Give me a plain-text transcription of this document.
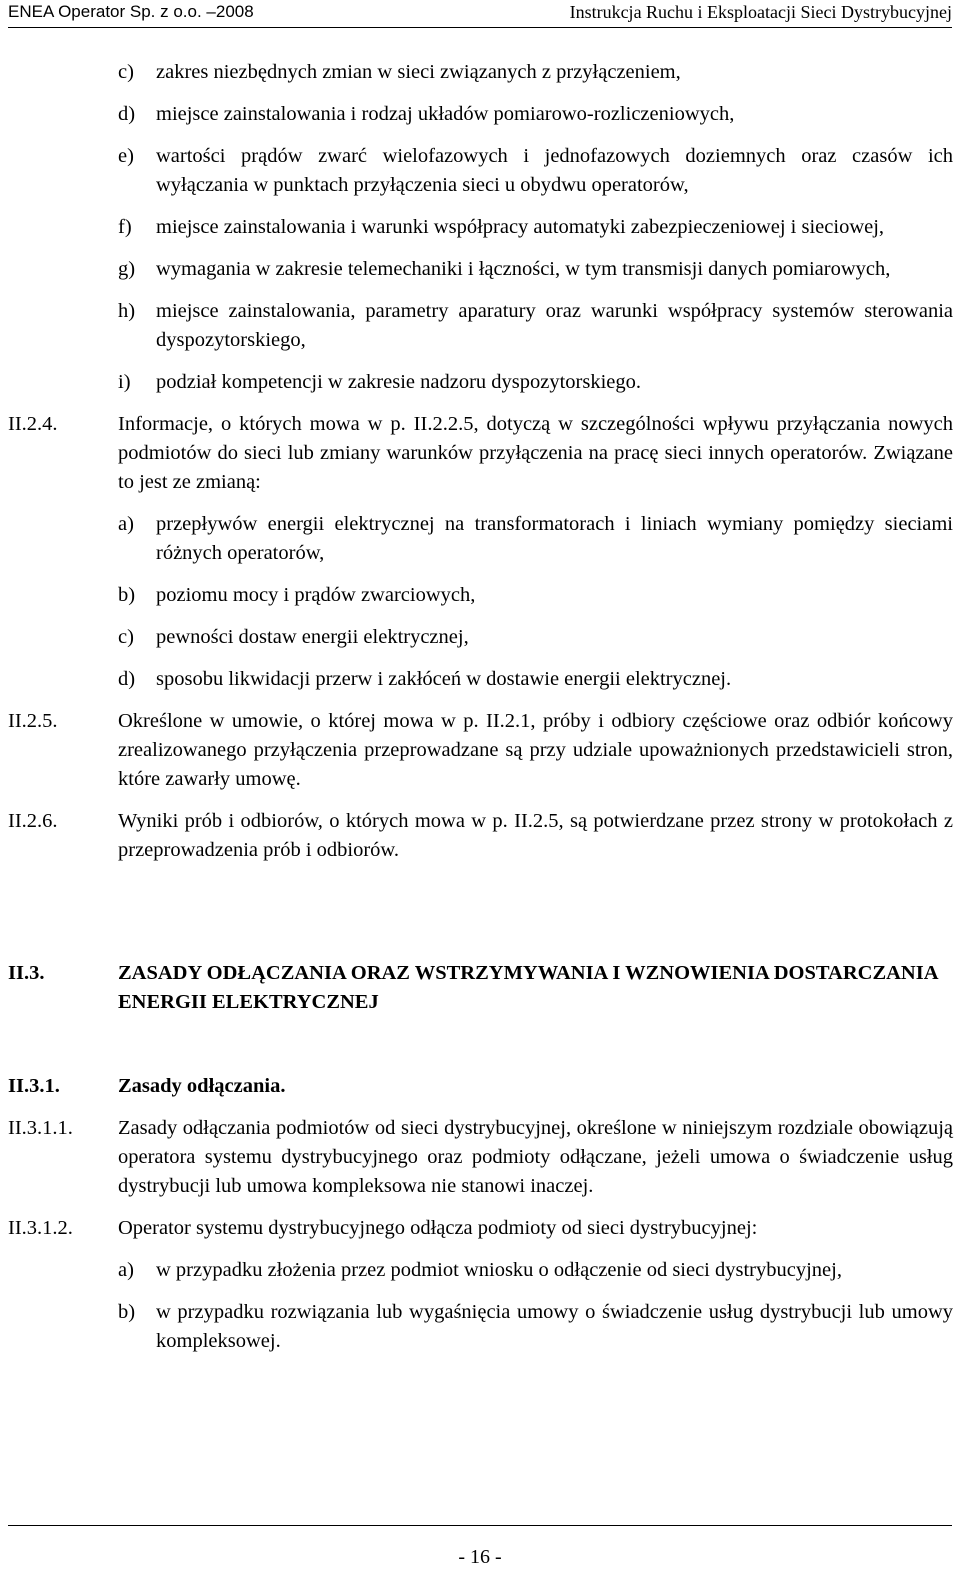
ENEA Operator Sp. z o.o. –2008	Instrukcja Ruchu i Eksploatacji Sieci Dystrybucyjnej
c) zakres niezbędnych zmian w sieci związanych z przyłączeniem,
d) miejsce zainstalowania i rodzaj układów pomiarowo-rozliczeniowych,
e) wartości prądów zwarć wielofazowych i jednofazowych doziemnych oraz czasów ich wyłączania w punktach przyłączenia sieci u obydwu operatorów,
f) miejsce zainstalowania i warunki współpracy automatyki zabezpieczeniowej i sieciowej,
g) wymagania w zakresie telemechaniki i łączności, w tym transmisji danych pomiarowych,
h) miejsce zainstalowania, parametry aparatury oraz warunki współpracy systemów sterowania dyspozytorskiego,
i) podział kompetencji w zakresie nadzoru dyspozytorskiego.
II.2.4.	Informacje, o których mowa w p. II.2.2.5, dotyczą w szczególności wpływu przyłączania nowych podmiotów do sieci lub zmiany warunków przyłączenia na pracę sieci innych operatorów. Związane to jest ze zmianą:
a) przepływów energii elektrycznej na transformatorach i liniach wymiany pomiędzy sieciami różnych operatorów,
b) poziomu mocy i prądów zwarciowych,
c) pewności dostaw energii elektrycznej,
d) sposobu likwidacji przerw i zakłóceń w dostawie energii elektrycznej.
II.2.5.	Określone w umowie, o której mowa w p. II.2.1, próby i odbiory częściowe oraz odbiór końcowy zrealizowanego przyłączenia przeprowadzane są przy udziale upoważnionych przedstawicieli stron, które zawarły umowę.
II.2.6.	Wyniki prób i odbiorów, o których mowa w p. II.2.5, są potwierdzane przez strony w protokołach z przeprowadzenia prób i odbiorów.
II.3.	ZASADY ODŁĄCZANIA ORAZ WSTRZYMYWANIA I WZNOWIENIA DOSTARCZANIA ENERGII ELEKTRYCZNEJ
II.3.1.	Zasady odłączania.
II.3.1.1. Zasady odłączania podmiotów od sieci dystrybucyjnej, określone w niniejszym rozdziale obowiązują operatora systemu dystrybucyjnego oraz podmioty odłączane, jeżeli umowa o świadczenie usług dystrybucji lub umowa kompleksowa nie stanowi inaczej.
II.3.1.2. Operator systemu dystrybucyjnego odłącza podmioty od sieci dystrybucyjnej:
a) w przypadku złożenia przez podmiot wniosku o odłączenie od sieci dystrybucyjnej,
b) w przypadku rozwiązania lub wygaśnięcia umowy o świadczenie usług dystrybucji lub umowy kompleksowej.
- 16 -
